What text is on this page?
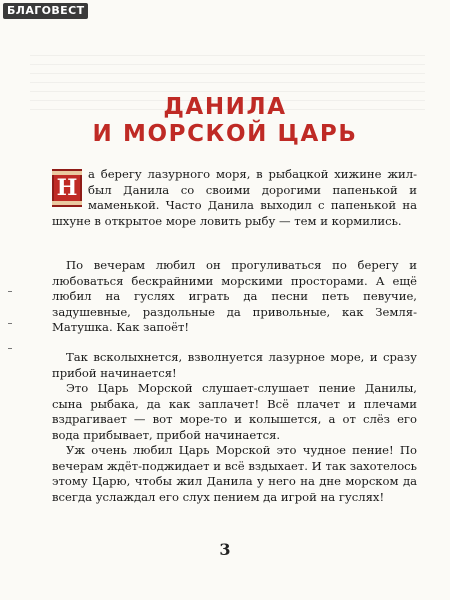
БЛАГОВЕСТ
ДАНИЛА
И МОРСКОЙ ЦАРЬ
Н
а берегу лазурного моря, в рыбацкой хижине жил-был Данила со своими дорогими папенькой и маменькой. Часто Данила выходил с папенькой на шхуне в открытое море ловить рыбу — тем и кормились.
По вечерам любил он прогуливаться по берегу и любоваться бескрайними морскими просторами. А ещё любил на гуслях играть да песни петь певучие, задушевные, раздольные да привольные, как Земля-Матушка. Как запоёт!
Так всколыхнется, взволнуется лазурное море, и сразу прибой начинается!
Это Царь Морской слушает-слушает пение Данилы, сына рыбака, да как заплачет! Всё плачет и плечами вздрагивает — вот море-то и колышется, а от слёз его вода прибывает, прибой начинается.
Уж очень любил Царь Морской это чудное пение! По вечерам ждёт-поджидает и всё вздыхает. И так захотелось этому Царю, чтобы жил Данила у него на дне морском да всегда услаждал его слух пением да игрой на гуслях!
3
